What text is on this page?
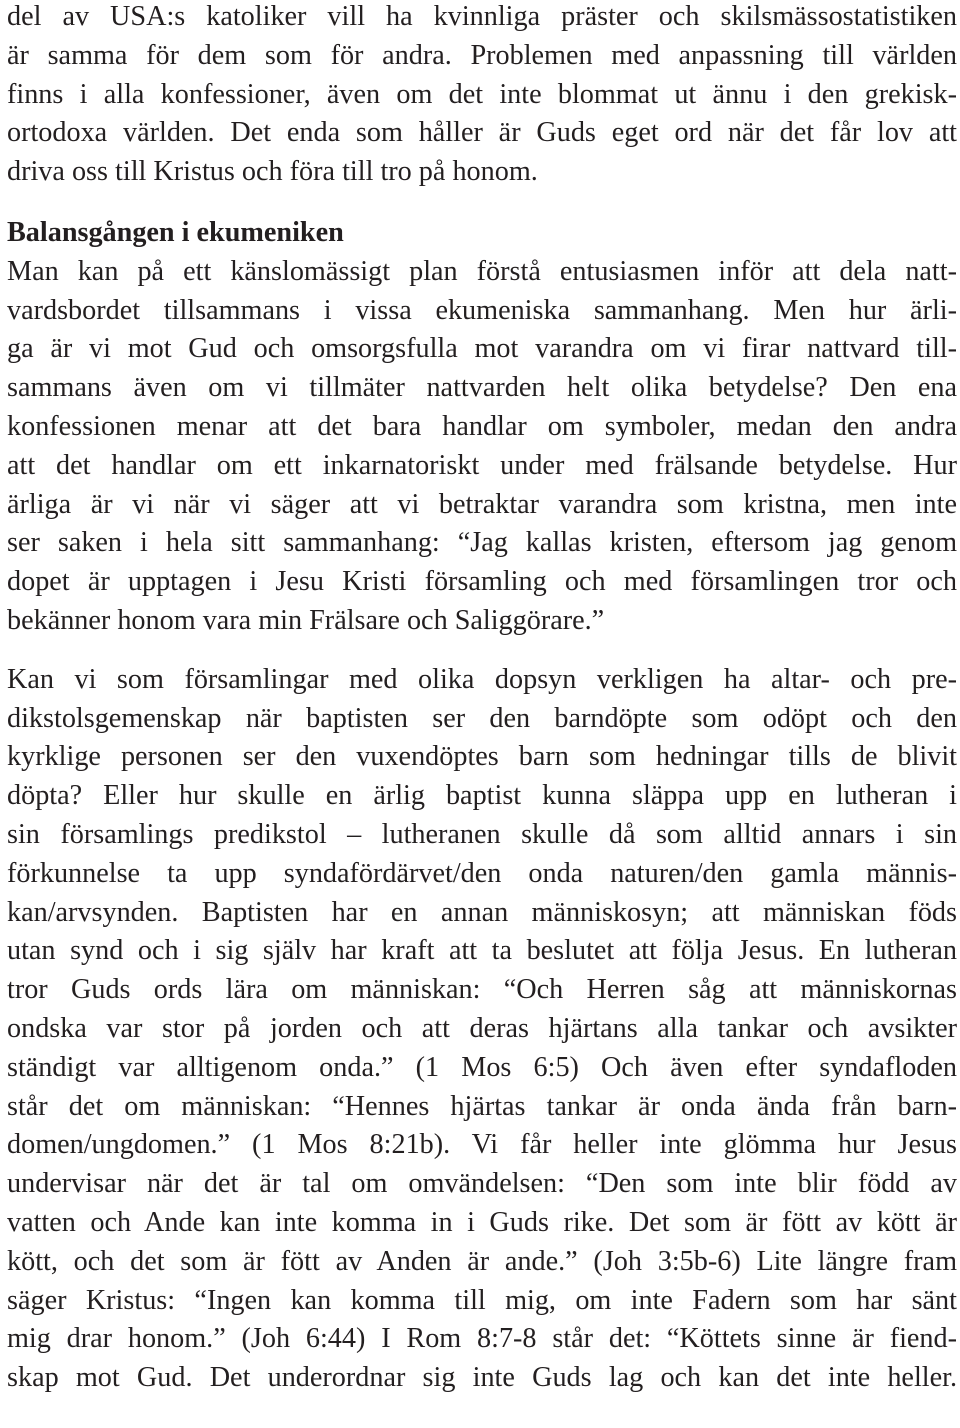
del av USA:s katoliker vill ha kvinnliga präster och skilsmässostatistiken
är samma för dem som för andra. Problemen med anpassning till världen
finns i alla konfessioner, även om det inte blommat ut ännu i den grekisk-
ortodoxa världen. Det enda som håller är Guds eget ord när det får lov att
driva oss till Kristus och föra till tro på honom.
Balansgången i ekumeniken
Man kan på ett känslomässigt plan förstå entusiasmen inför att dela natt-
vardsbordet tillsammans i vissa ekumeniska sammanhang. Men hur ärli-
ga är vi mot Gud och omsorgsfulla mot varandra om vi firar nattvard till-
sammans även om vi tillmäter nattvarden helt olika betydelse? Den ena
konfessionen menar att det bara handlar om symboler, medan den andra
att det handlar om ett inkarnatoriskt under med frälsande betydelse. Hur
ärliga är vi när vi säger att vi betraktar varandra som kristna, men inte
ser saken i hela sitt sammanhang: “Jag kallas kristen, eftersom jag genom
dopet är upptagen i Jesu Kristi församling och med församlingen tror och
bekänner honom vara min Frälsare och Saliggörare.”
Kan vi som församlingar med olika dopsyn verkligen ha altar- och pre-
dikstolsgemenskap när baptisten ser den barndöpte som odöpt och den
kyrklige personen ser den vuxendöptes barn som hedningar tills de blivit
döpta? Eller hur skulle en ärlig baptist kunna släppa upp en lutheran i
sin församlings predikstol – lutheranen skulle då som alltid annars i sin
förkunnelse ta upp syndafördärvet/den onda naturen/den gamla männis-
kan/arvsynden. Baptisten har en annan människosyn; att människan föds
utan synd och i sig själv har kraft att ta beslutet att följa Jesus. En lutheran
tror Guds ords lära om människan: “Och Herren såg att människornas
ondska var stor på jorden och att deras hjärtans alla tankar och avsikter
ständigt var alltigenom onda.” (1 Mos 6:5) Och även efter syndafloden
står det om människan: “Hennes hjärtas tankar är onda ända från barn-
domen/ungdomen.” (1 Mos 8:21b). Vi får heller inte glömma hur Jesus
undervisar när det är tal om omvändelsen: “Den som inte blir född av
vatten och Ande kan inte komma in i Guds rike. Det som är fött av kött är
kött, och det som är fött av Anden är ande.” (Joh 3:5b-6) Lite längre fram
säger Kristus: “Ingen kan komma till mig, om inte Fadern som har sänt
mig drar honom.” (Joh 6:44) I Rom 8:7-8 står det: “Köttets sinne är fiend-
skap mot Gud. Det underordnar sig inte Guds lag och kan det inte heller.
